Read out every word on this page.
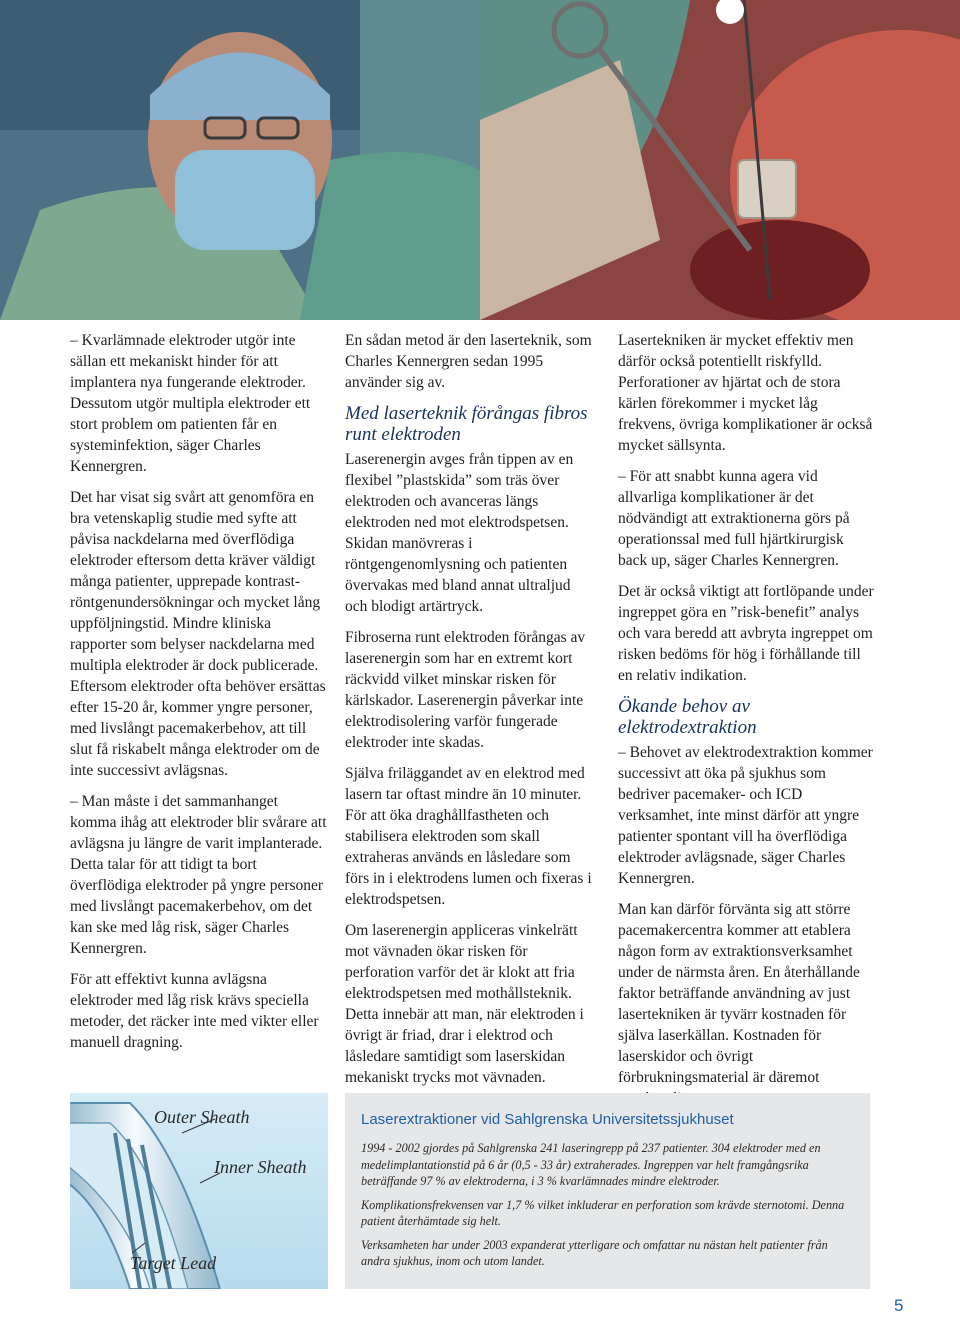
– Kvarlämnade elektroder utgör inte sällan ett mekaniskt hinder för att implantera nya fungerande elektroder. Dessutom utgör multipla elektroder ett stort problem om patienten får en systeminfektion, säger Charles Kennergren.

Det har visat sig svårt att genomföra en bra vetenskaplig studie med syfte att påvisa nackdelarna med överflödiga elektroder eftersom detta kräver väldigt många patienter, upprepade kontrast-röntgenundersökningar och mycket lång uppföljningstid. Mindre kliniska rapporter som belyser nackdelarna med multipla elektroder är dock publicerade. Eftersom elektroder ofta behöver ersättas efter 15-20 år, kommer yngre personer, med livslångt pacemakerbehov, att till slut få riskabelt många elektroder om de inte successivt avlägsnas.

– Man måste i det sammanhanget komma ihåg att elektroder blir svårare att avlägsna ju längre de varit implanterade. Detta talar för att tidigt ta bort överflödiga elektroder på yngre personer med livslångt pacemakerbehov, om det kan ske med låg risk, säger Charles Kennergren.

För att effektivt kunna avlägsna elektroder med låg risk krävs speciella metoder, det räcker inte med vikter eller manuell dragning.

En sådan metod är den laserteknik, som Charles Kennergren sedan 1995 använder sig av.

Med laserteknik förångas fibros runt elektroden

Laserenergin avges från tippen av en flexibel ”plastskida” som träs över elektroden och avanceras längs elektroden ned mot elektrodspetsen. Skidan manövreras i röntgengenomlysning och patienten övervakas med bland annat ultraljud och blodigt artärtryck.

Fibroserna runt elektroden förångas av laserenergin som har en extremt kort räckvidd vilket minskar risken för kärlskador. Laserenergin påverkar inte elektrodisolering varför fungerade elektroder inte skadas.

Själva friläggandet av en elektrod med lasern tar oftast mindre än 10 minuter. För att öka draghållfastheten och stabilisera elektroden som skall extraheras används en låsledare som förs in i elektrodens lumen och fixeras i elektrodspetsen.

Om laserenergin appliceras vinkelrätt mot vävnaden ökar risken för perforation varför det är klokt att fria elektrodspetsen med mothållsteknik. Detta innebär att man, när elektroden i övrigt är friad, drar i elektrod och låsledare samtidigt som laserskidan mekaniskt trycks mot vävnaden.

Lasertekniken är mycket effektiv men därför också potentiellt riskfylld. Perforationer av hjärtat och de stora kärlen förekommer i mycket låg frekvens, övriga komplikationer är också mycket sällsynta.

– För att snabbt kunna agera vid allvarliga komplikationer är det nödvändigt att extraktionerna görs på operationssal med full hjärtkirurgisk back up, säger Charles Kennergren.

Det är också viktigt att fortlöpande under ingreppet göra en ”risk-benefit” analys och vara beredd att avbryta ingreppet om risken bedöms för hög i förhållande till en relativ indikation.

Ökande behov av elektrodextraktion

– Behovet av elektrodextraktion kommer successivt att öka på sjukhus som bedriver pacemaker- och ICD verksamhet, inte minst därför att yngre patienter spontant vill ha överflödiga elektroder avlägsnade, säger Charles Kennergren.

Man kan därför förvänta sig att större pacemakercentra kommer att etablera någon form av extraktionsverksamhet under de närmsta åren. En återhållande faktor beträffande användning av just lasertekniken är tyvärr kostnaden för själva laserkällan. Kostnaden för laserskidor och övrigt förbrukningsmaterial är däremot

Outer Sheath
Inner Sheath
Target Lead
Laserextraktioner vid Sahlgrenska Universitetssjukhuset

1994 - 2002 gjordes på Sahlgrenska 241 laseringrepp på 237 patienter. 304 elektroder med en medelimplantationstid på 6 år (0,5 - 33 år) extraherades. Ingreppen var helt framgångsrika beträffande 97 % av elektroderna, i 3 % kvarlämnades mindre elektroder.

Komplikationsfrekvensen var 1,7 % vilket inkluderar en perforation som krävde sternotomi. Denna patient återhämtade sig helt.

Verksamheten har under 2003 expanderat ytterligare och omfattar nu nästan helt patienter från andra sjukhus, inom och utom landet.

5
